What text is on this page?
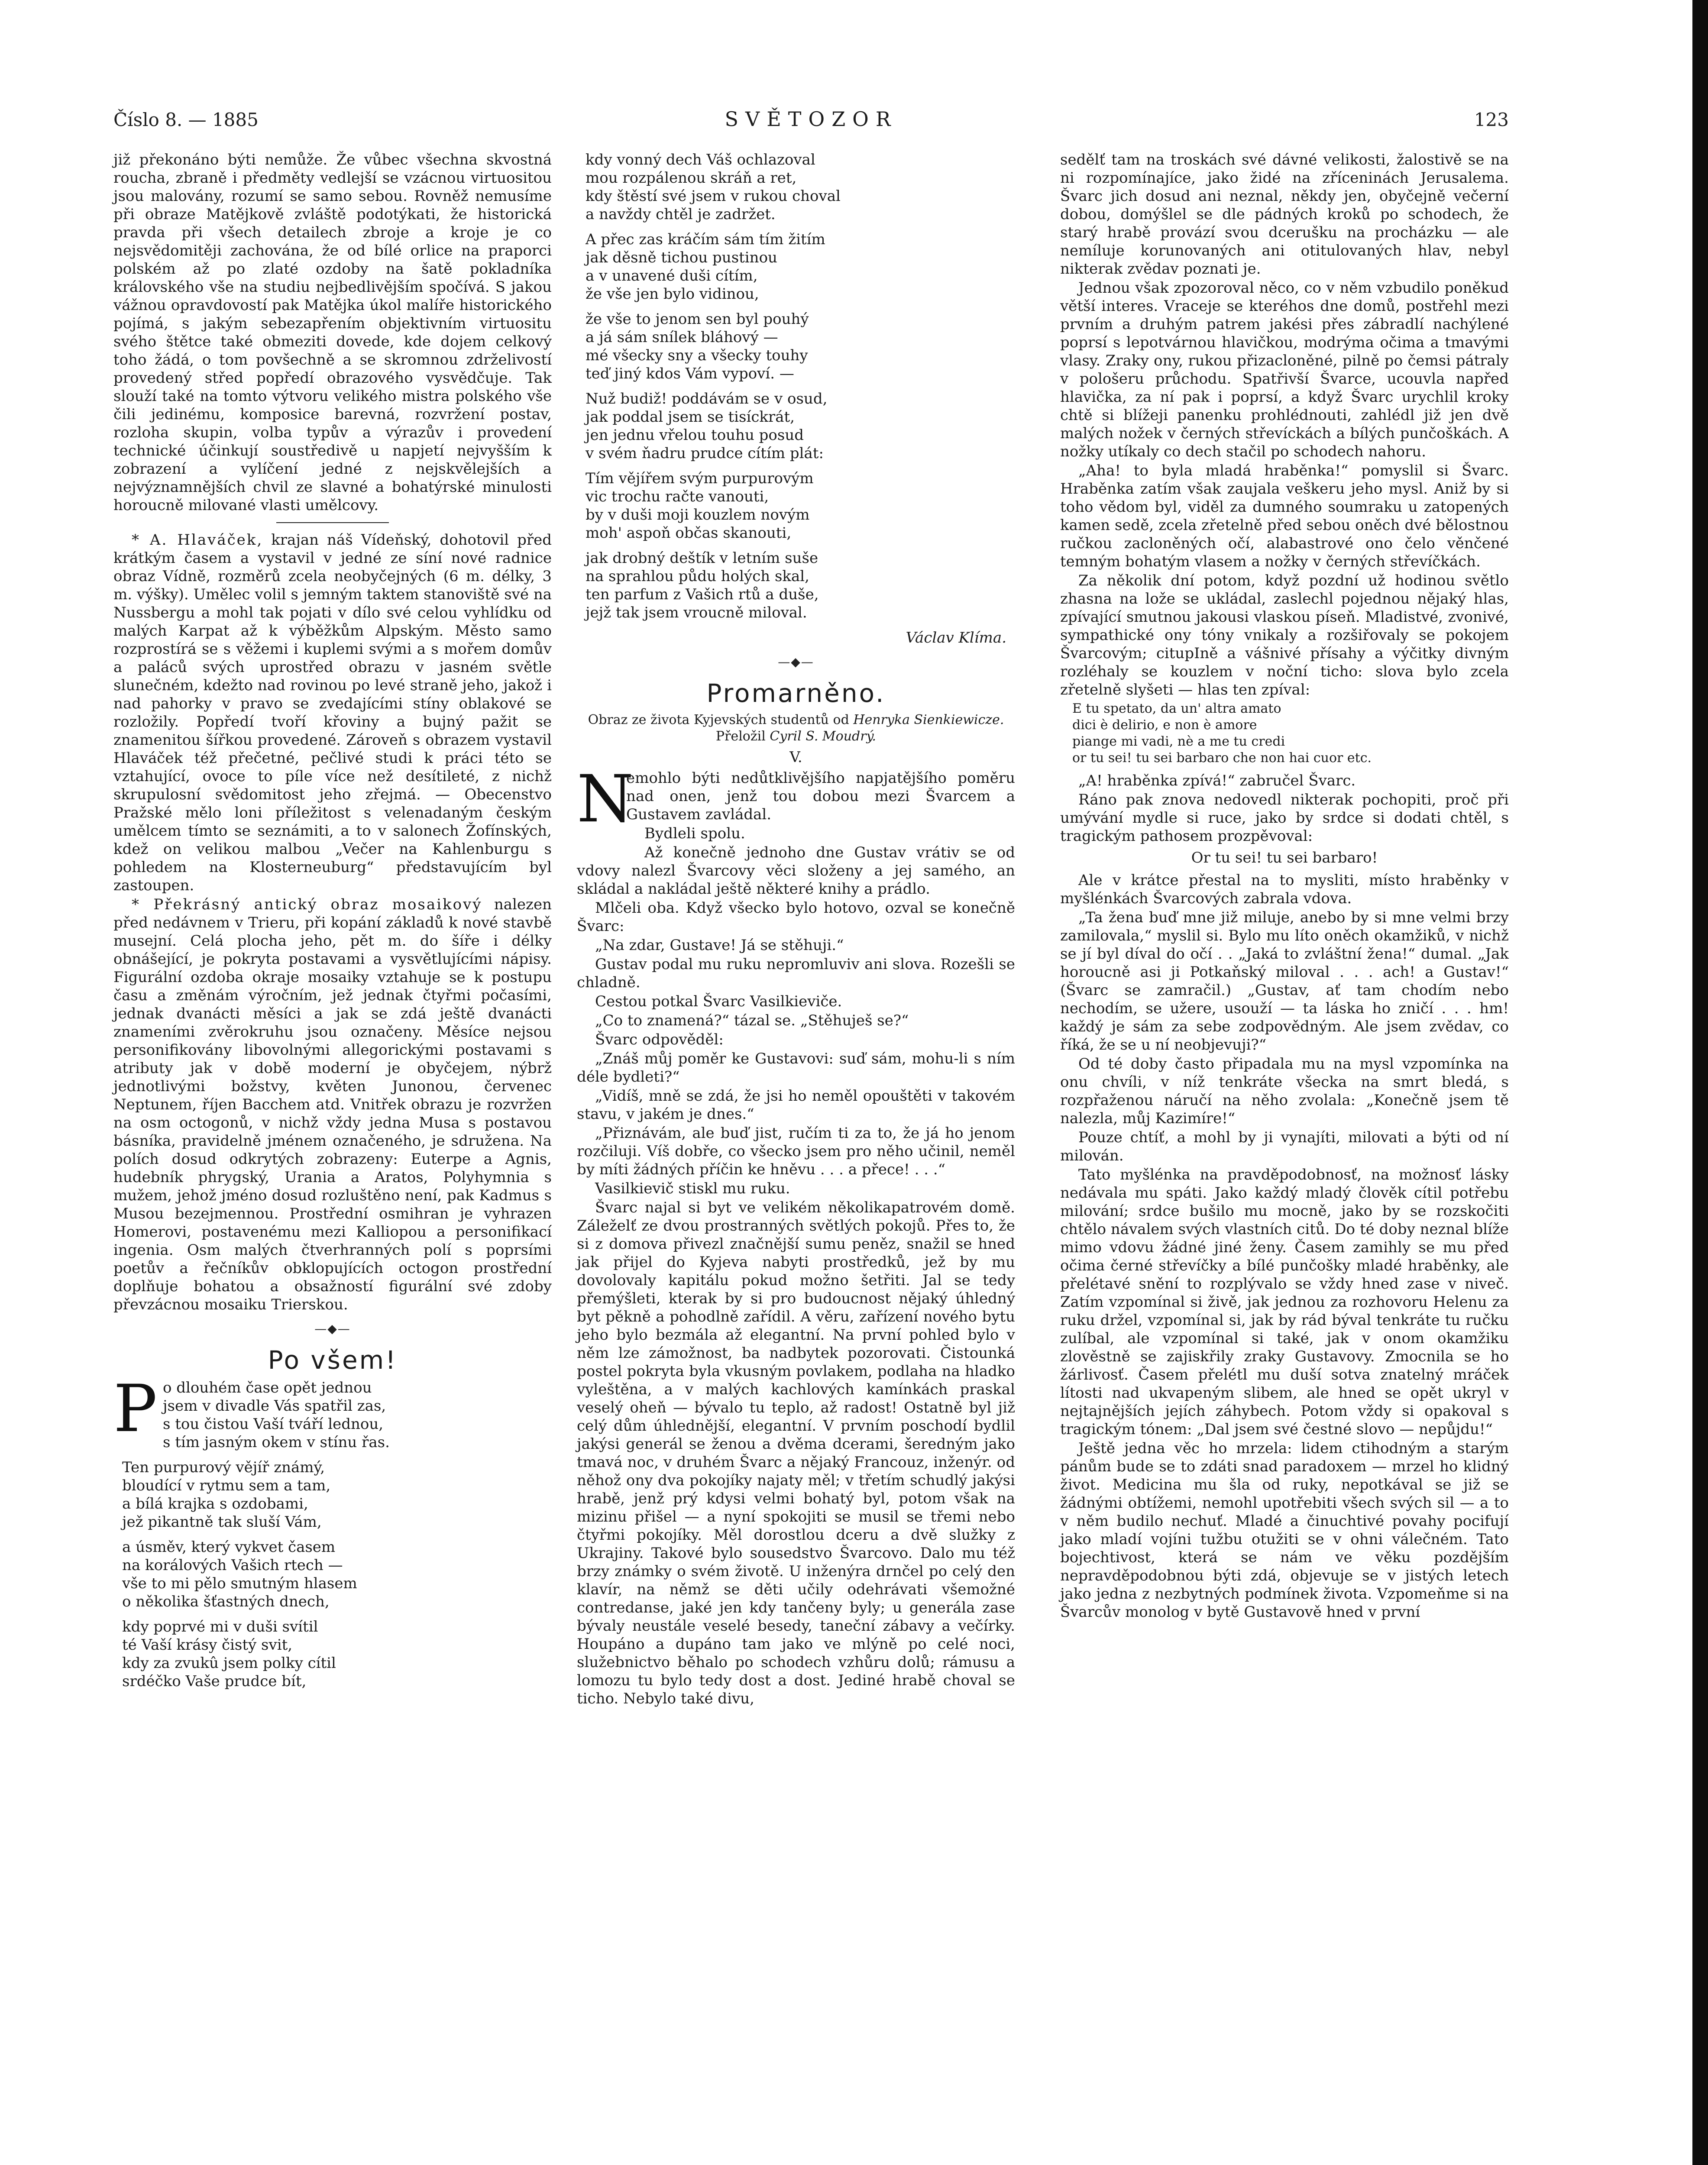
Číslo 8. — 1885	SVĚTOZOR	123

již překonáno býti nemůže. Že vůbec všechna skvostná roucha, zbraně i předměty vedlejší se vzácnou virtuositou jsou malovány, rozumí se samo sebou. Rovněž nemusíme při obraze Matějkově zvláště podotýkati, že historická pravda při všech detailech zbroje a kroje je co nejsvědomitěji zachována, že od bílé orlice na praporci polském až po zlaté ozdoby na šatě pokladníka královského vše na studiu nejbedlivějším spočívá. S jakou vážnou opravdovostí pak Matějka úkol malíře historického pojímá, s jakým sebezapřením objektivním virtuositu svého štětce také obmeziti dovede, kde dojem celkový toho žádá, o tom povšechně a se skromnou zdrželivostí provedený střed popředí obrazového vysvědčuje. Tak slouží také na tomto výtvoru velikého mistra polského vše čili jedinému, komposice barevná, rozvržení postav, rozloha skupin, volba typův a výrazův i provedení technické účinkují soustředivě u napjetí nejvyšším k zobrazení a vylíčení jedné z nejskvělejších a nejvýznamnějších chvil ze slavné a bohatýrské minulosti horoucně milované vlasti umělcovy.

* A. Hlaváček, krajan náš Vídeňský, dohotovil před krátkým časem a vystavil v jedné ze síní nové radnice obraz Vídně, rozměrů zcela neobyčejných (6 m. délky, 3 m. výšky). Umělec volil s jemným taktem stanoviště své na Nussbergu a mohl tak pojati v dílo své celou vyhlídku od malých Karpat až k výběžkům Alpským. Město samo rozprostírá se s věžemi i kuplemi svými a s mořem domův a paláců svých uprostřed obrazu v jasném světle slunečném, kdežto nad rovinou po levé straně jeho, jakož i nad pahorky v pravo se zvedajícími stíny oblakové se rozložily. Popředí tvoří křoviny a bujný pažit se znamenitou šířkou provedené. Zároveň s obrazem vystavil Hlaváček též přečetné, pečlivé studi k práci této se vztahující, ovoce to píle více než desítileté, z nichž skrupulosní svědomitost jeho zřejmá. — Obecenstvo Pražské mělo loni příležitost s velenadaným českým umělcem tímto se seznámiti, a to v salonech Žofínských, kdež on velikou malbou „Večer na Kahlenburgu s pohledem na Klosterneuburg“ představujícím byl zastoupen.

* Překrásný antický obraz mosaikový nalezen před nedávnem v Trieru, při kopání základů k nové stavbě musejní. Celá plocha jeho, pět m. do šíře i délky obnášející, je pokryta postavami a vysvětlujícími nápisy. Figurální ozdoba okraje mosaiky vztahuje se k postupu času a změnám výročním, jež jednak čtyřmi počasími, jednak dvanácti měsíci a jak se zdá ještě dvanácti znameními zvěrokruhu jsou označeny. Měsíce nejsou personifikovány libovolnými allegorickými postavami s atributy jak v době moderní je obyčejem, nýbrž jednotlivými božstvy, květen Junonou, červenec Neptunem, říjen Bacchem atd. Vnitřek obrazu je rozvržen na osm octogonů, v nichž vždy jedna Musa s postavou básníka, pravidelně jménem označeného, je sdružena. Na polích dosud odkrytých zobrazeny: Euterpe a Agnis, hudebník phrygský, Urania a Aratos, Polyhymnia s mužem, jehož jméno dosud rozluštěno není, pak Kadmus s Musou bezejmennou. Prostřední osmihran je vyhrazen Homerovi, postavenému mezi Kalliopou a personifikací ingenia. Osm malých čtverhranných polí s poprsími poetův a řečníkův obklopujících octogon prostřední doplňuje bohatou a obsažností figurální své zdoby převzácnou mosaiku Trierskou.

—◆—
Po všem!
P o dlouhém čase opět jednou
jsem v divadle Vás spatřil zas,
s tou čistou Vaší tváří lednou,
s tím jasným okem v stínu řas.
Ten purpurový vějíř známý,
bloudící v rytmu sem a tam,
a bílá krajka s ozdobami,
jež pikantně tak sluší Vám,
a úsměv, který vykvet časem
na korálových Vašich rtech —
vše to mi pělo smutným hlasem
o několika šťastných dnech,
kdy poprvé mi v duši svítil
té Vaší krásy čistý svit,
kdy za zvukû jsem polky cítil
srdéčko Vaše prudce bít,
kdy vonný dech Váš ochlazoval
mou rozpálenou skráň a ret,
kdy štěstí své jsem v rukou choval
a navždy chtěl je zadržet.
A přec zas kráčím sám tím žitím
jak děsně tichou pustinou
a v unavené duši cítím,
že vše jen bylo vidinou,
že vše to jenom sen byl pouhý
a já sám snílek bláhový —
mé všecky sny a všecky touhy
teď jiný kdos Vám vypoví. —
Nuž budiž! poddávám se v osud,
jak poddal jsem se tisíckrát,
jen jednu vřelou touhu posud
v svém ňadru prudce cítím plát:
Tím vějířem svým purpurovým
vic trochu račte vanouti,
by v duši moji kouzlem novým
moh' aspoň občas skanouti,
jak drobný deštík v letním suše
na sprahlou půdu holých skal,
ten parfum z Vašich rtů a duše,
jejž tak jsem vroucně miloval.
Václav Klíma.
—◆—
Promarněno.
Obraz ze života Kyjevských studentů od Henryka Sienkiewicze. Přeložil Cyril S. Moudrý.
V.

N
emohlo býti nedůtklivějšího napjatějšího poměru nad onen, jenž tou dobou mezi Švarcem a Gustavem zavládal.

Bydleli spolu.

Až konečně jednoho dne Gustav vrátiv se od vdovy nalezl Švarcovy věci složeny a jej samého, an skládal a nakládal ještě některé knihy a prádlo.

Mlčeli oba. Když všecko bylo hotovo, ozval se konečně Švarc:

„Na zdar, Gustave! Já se stěhuji.“

Gustav podal mu ruku nepromluviv ani slova. Rozešli se chladně.

Cestou potkal Švarc Vasilkieviče.

„Co to znamená?“ tázal se. „Stěhuješ se?“

Švarc odpověděl:

„Znáš můj poměr ke Gustavovi: suď sám, mohu-li s ním déle bydleti?“

„Vidíš, mně se zdá, že jsi ho neměl opouštěti v takovém stavu, v jakém je dnes.“

„Přiznávám, ale buď jist, ručím ti za to, že já ho jenom rozčiluji. Víš dobře, co všecko jsem pro něho učinil, neměl by míti žádných příčin ke hněvu . . . a přece! . . .“

Vasilkievič stiskl mu ruku.

Švarc najal si byt ve velikém několikapatrovém domě. Záleželť ze dvou prostranných světlých pokojů. Přes to, že si z domova přivezl značnější sumu peněz, snažil se hned jak přijel do Kyjeva nabyti prostředků, jež by mu dovolovaly kapitálu pokud možno šetřiti. Jal se tedy přemýšleti, kterak by si pro budoucnost nějaký úhledný byt pěkně a pohodlně zařídil. A věru, zařízení nového bytu jeho bylo bezmála až elegantní. Na první pohled bylo v něm lze zámožnost, ba nadbytek pozorovati. Čistounká postel pokryta byla vkusným povlakem, podlaha na hladko vyleštěna, a v malých kachlových kamínkách praskal veselý oheň — bývalo tu teplo, až radost! Ostatně byl již celý dům úhlednější, elegantní. V prvním poschodí bydlil jakýsi generál se ženou a dvěma dcerami, šeredným jako tmavá noc, v druhém Švarc a nějaký Francouz, inženýr. od něhož ony dva pokojíky najaty měl; v třetím schudlý jakýsi hrabě, jenž prý kdysi velmi bohatý byl, potom však na mizinu přišel — a nyní spokojiti se musil se třemi nebo čtyřmi pokojíky. Měl dorostlou dceru a dvě služky z Ukrajiny. Takové bylo sousedstvo Švarcovo. Dalo mu též brzy známky o svém životě. U inženýra drnčel po celý den klavír, na němž se děti učily odehrávati všemožné contredanse, jaké jen kdy tančeny byly; u generála zase bývaly neustále veselé besedy, taneční zábavy a večírky. Houpáno a dupáno tam jako ve mlýně po celé noci, služebnictvo běhalo po schodech vzhůru dolů; rámusu a lomozu tu bylo tedy dost a dost. Jediné hrabě choval se ticho. Nebylo také divu,

sedělť tam na troskách své dávné velikosti, žalostivě se na ni rozpomínajíce, jako židé na zříceninách Jerusalema. Švarc jich dosud ani neznal, někdy jen, obyčejně večerní dobou, domýšlel se dle pádných kroků po schodech, že starý hrabě provází svou dcerušku na procházku — ale nemíluje korunovaných ani otitulovaných hlav, nebyl nikterak zvědav poznati je.

Jednou však zpozoroval něco, co v něm vzbudilo poněkud větší interes. Vraceje se kteréhos dne domů, postřehl mezi prvním a druhým patrem jakési přes zábradlí nachýlené poprsí s lepotvárnou hlavičkou, modrýma očima a tmavými vlasy. Zraky ony, rukou přizacloněné, pilně po čemsi pátraly v pološeru průchodu. Spatřivší Švarce, ucouvla napřed hlavička, za ní pak i poprsí, a když Švarc urychlil kroky chtě si blížeji panenku prohlédnouti, zahlédl již jen dvě malých nožek v černých střevíckách a bílých punčoškách. A nožky utíkaly co dech stačil po schodech nahoru.

„Aha! to byla mladá hraběnka!“ pomyslil si Švarc. Hraběnka zatím však zaujala veškeru jeho mysl. Aniž by si toho vědom byl, viděl za dumného soumraku u zatopených kamen sedě, zcela zřetelně před sebou oněch dvé bělostnou ručkou zacloněných očí, alabastrové ono čelo věnčené temným bohatým vlasem a nožky v černých střevíčkách.

Za několik dní potom, když pozdní už hodinou světlo zhasna na lože se ukládal, zaslechl pojednou nějaký hlas, zpívající smutnou jakousi vlaskou píseň. Mladistvé, zvonivé, sympathické ony tóny vnikaly a rozšiřovaly se pokojem Švarcovým; citupIně a vášnivé přísahy a výčitky divným rozléhaly se kouzlem v noční ticho: slova bylo zcela zřetelně slyšeti — hlas ten zpíval:

E tu spetato, da un' altra amato
dici è delirio, e non è amore
piange mi vadi, nè a me tu credi
or tu sei! tu sei barbaro che non hai cuor etc.

„A! hraběnka zpívá!“ zabručel Švarc.

Ráno pak znova nedovedl nikterak pochopiti, proč při umývání mydle si ruce, jako by srdce si dodati chtěl, s tragickým pathosem prozpěvoval:

Or tu sei! tu sei barbaro!

Ale v krátce přestal na to mysliti, místo hraběnky v myšlénkách Švarcových zabrala vdova.

„Ta žena buď mne již miluje, anebo by si mne velmi brzy zamilovala,“ myslil si. Bylo mu líto oněch okamžiků, v nichž se jí byl díval do očí . . „Jaká to zvláštní žena!“ dumal. „Jak horoucně asi ji Potkaňský miloval . . . ach! a Gustav!“ (Švarc se zamračil.) „Gustav, ať tam chodím nebo nechodím, se užere, usouží — ta láska ho zničí . . . hm! každý je sám za sebe zodpovědným. Ale jsem zvědav, co říká, že se u ní neobjevuji?“

Od té doby často připadala mu na mysl vzpomínka na onu chvíli, v níž tenkráte všecka na smrt bledá, s rozpřaženou náručí na něho zvolala: „Konečně jsem tě nalezla, můj Kazimíre!“

Pouze chtíť, a mohl by ji vynajíti, milovati a býti od ní milován.

Tato myšlénka na pravděpodobnosť, na možnosť lásky nedávala mu spáti. Jako každý mladý člověk cítil potřebu milování; srdce bušilo mu mocně, jako by se rozskočiti chtělo návalem svých vlastních citů. Do té doby neznal blíže mimo vdovu žádné jiné ženy. Časem zamihly se mu před očima černé střevíčky a bílé punčošky mladé hraběnky, ale přelétavé snění to rozplývalo se vždy hned zase v niveč. Zatím vzpomínal si živě, jak jednou za rozhovoru Helenu za ruku držel, vzpomínal si, jak by rád býval tenkráte tu ručku zulíbal, ale vzpomínal si také, jak v onom okamžiku zlověstně se zajiskřily zraky Gustavovy. Zmocnila se ho žárlivosť. Časem přelétl mu duší sotva znatelný mráček lítosti nad ukvapeným slibem, ale hned se opět ukryl v nejtajnějších jejích záhybech. Potom vždy si opakoval s tragickým tónem: „Dal jsem své čestné slovo — nepůjdu!“

Ještě jedna věc ho mrzela: lidem ctihodným a starým pánům bude se to zdáti snad paradoxem — mrzel ho klidný život. Medicina mu šla od ruky, nepotkával se již se žádnými obtížemi, nemohl upotřebiti všech svých sil — a to v něm budilo nechuť. Mladé a činuchtivé povahy pocifují jako mladí vojíni tužbu otužiti se v ohni válečném. Tato bojechtivost, která se nám ve věku pozdějším nepravděpodobnou býti zdá, objevuje se v jistých letech jako jedna z nezbytných podmínek života. Vzpomeňme si na Švarcův monolog v bytě Gustavově hned v první
